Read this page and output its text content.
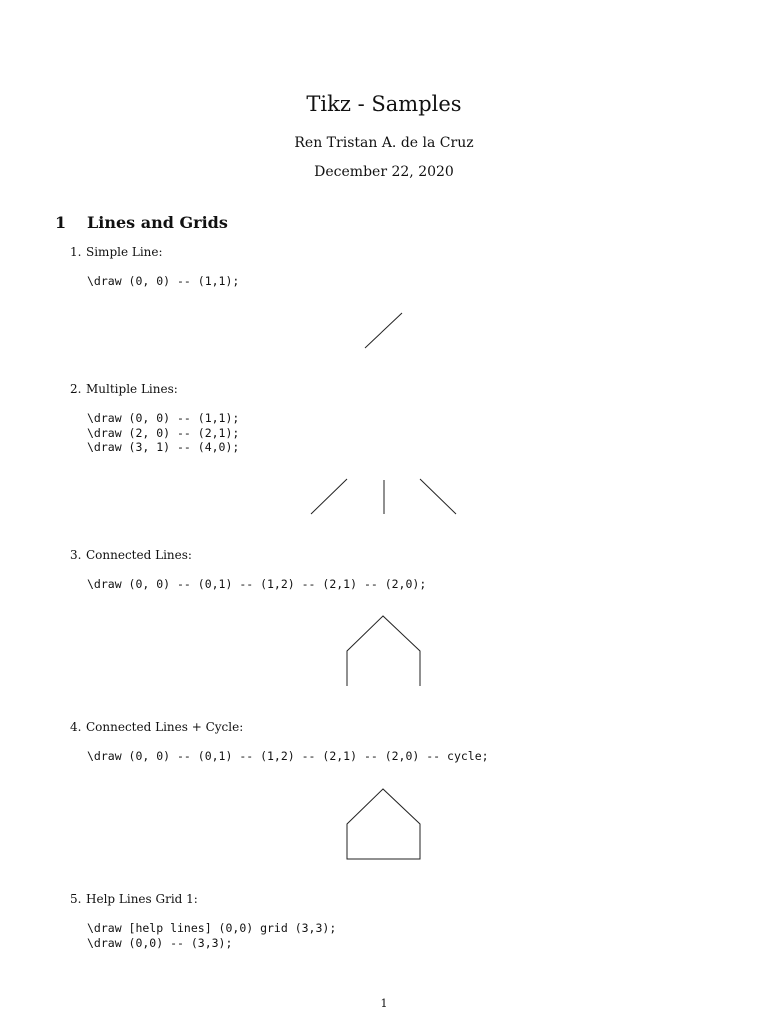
Tikz - Samples
Ren Tristan A. de la Cruz
December 22, 2020
1 Lines and Grids
1. Simple Line:
\draw (0, 0) -- (1,1);
2. Multiple Lines:
\draw (0, 0) -- (1,1);
\draw (2, 0) -- (2,1);
\draw (3, 1) -- (4,0);
3. Connected Lines:
\draw (0, 0) -- (0,1) -- (1,2) -- (2,1) -- (2,0);
4. Connected Lines + Cycle:
\draw (0, 0) -- (0,1) -- (1,2) -- (2,1) -- (2,0) -- cycle;
5. Help Lines Grid 1:
\draw [help lines] (0,0) grid (3,3);
\draw (0,0) -- (3,3);
1
